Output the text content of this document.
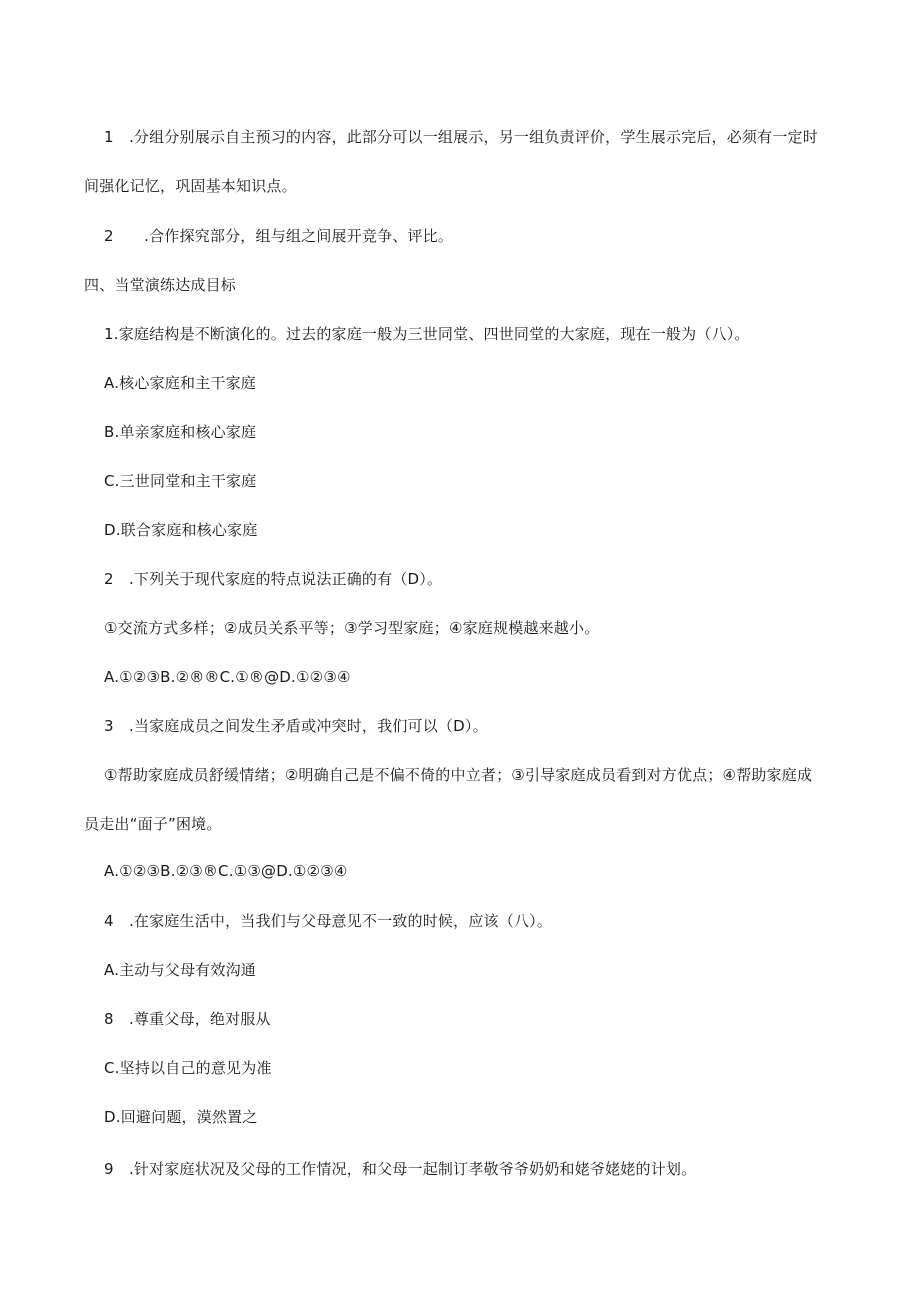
1　.分组分别展示自主预习的内容，此部分可以一组展示，另一组负责评价，学生展示完后，必须有一定时
间强化记忆，巩固基本知识点。
2　　.合作探究部分，组与组之间展开竞争、评比。
四、当堂演练达成目标
1.家庭结构是不断演化的。过去的家庭一般为三世同堂、四世同堂的大家庭，现在一般为（八）。
A.核心家庭和主干家庭
B.单亲家庭和核心家庭
C.三世同堂和主干家庭
D.联合家庭和核心家庭
2　.下列关于现代家庭的特点说法正确的有（D）。
①交流方式多样；②成员关系平等；③学习型家庭；④家庭规模越来越小。
A.①②③B.②®®C.①®@D.①②③④
3　.当家庭成员之间发生矛盾或冲突时，我们可以（D）。
①帮助家庭成员舒缓情绪；②明确自己是不偏不倚的中立者；③引导家庭成员看到对方优点；④帮助家庭成
员走出“面子”困境。
A.①②③B.②③®C.①③@D.①②③④
4　.在家庭生活中，当我们与父母意见不一致的时候，应该（八）。
A.主动与父母有效沟通
8　.尊重父母，绝对服从
C.坚持以自己的意见为准
D.回避问题，漠然置之
9　.针对家庭状况及父母的工作情况，和父母一起制订孝敬爷爷奶奶和姥爷姥姥的计划。
